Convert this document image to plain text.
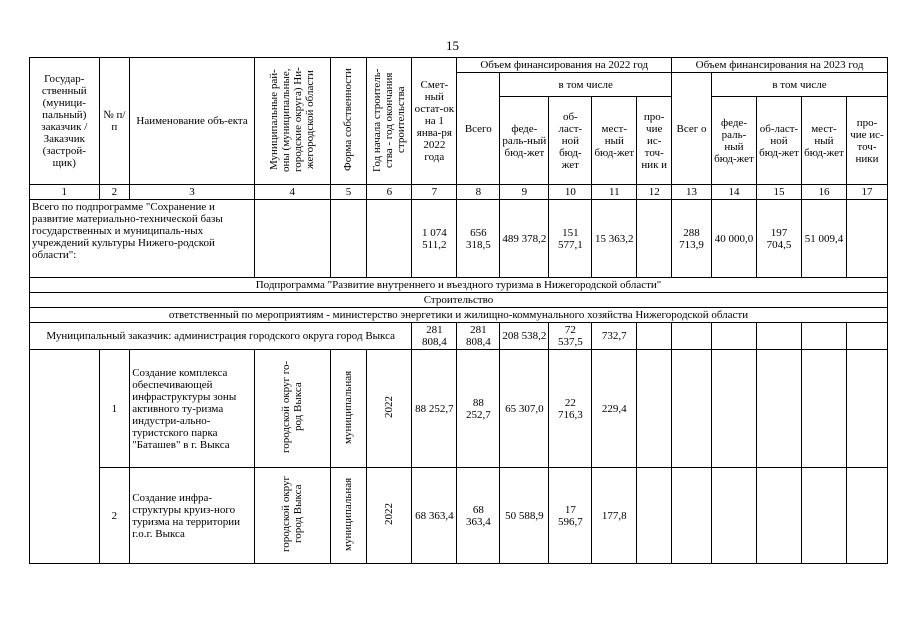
15
Государ-ственный (муници-пальный) заказчик / Заказчик (застрой-щик)	№ п/п	Наименование объ-екта	Муниципальные рай-оны (муниципальные, городские округа) Ни-жегородской области	Форма собственности	Год начала строитель-ства - год окончания строительства	Смет-ный остат-ок на 1 янва-ря 2022 года	Объем финансирования на 2022 год					Объем финансирования на 2023 год				
							Всего	в том числе				Всег о	в том числе			
								феде-раль-ный бюд-жет	об-ласт-ной бюд-жет	мест-ный бюд-жет	про-чие ис-точ-ник и		феде-раль-ный бюд-жет	об-ласт-ной бюд-жет	мест-ный бюд-жет	про-чие ис-точ-ники
1	2	3	4	5	6	7	8	9	10	11	12	13	14	15	16	17
Всего по подпрограмме "Сохранение и развитие материально-технической базы государственных и муниципаль-ных учреждений культуры Нижего-родской области":						1 074 511,2	656 318,5	489 378,2	151 577,1	15 363,2		288 713,9	40 000,0	197 704,5	51 009,4	
Подпрограмма "Развитие внутреннего и въездного туризма в Нижегородской области"																
Строительство																
ответственный по мероприятиям - министерство энергетики и жилищно-коммунального хозяйства Нижегородской области																
Муниципальный заказчик: администрация городского округа город Выкса						281 808,4	281 808,4	208 538,2	72 537,5	732,7						
	1	Создание комплекса обеспечивающей инфраструктуры зоны активного ту-ризма индустри-ально-туристского парка "Баташев" в г. Выкса	городской округ го-род Выкса	муниципальная	2022	88 252,7	88 252,7	65 307,0	22 716,3	229,4						
	2	Создание инфра-структуры круиз-ного туризма на территории г.о.г. Выкса	городской округ город Выкса	муниципальная	2022	68 363,4	68 363,4	50 588,9	17 596,7	177,8						
